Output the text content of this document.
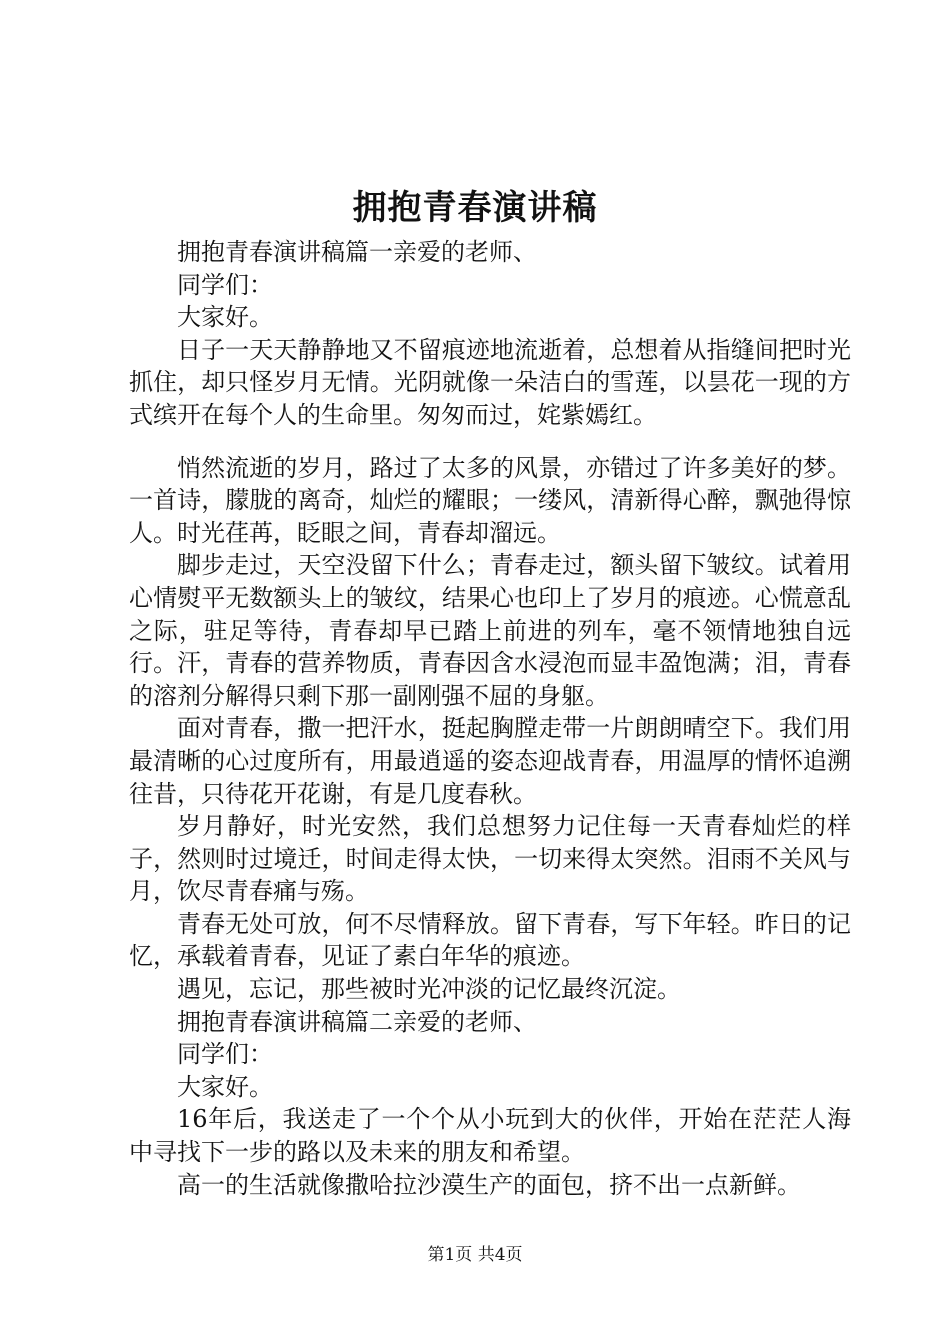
拥抱青春演讲稿

拥抱青春演讲稿篇一亲爱的老师、

同学们：

大家好。

日子一天天静静地又不留痕迹地流逝着，总想着从指缝间把时光抓住，却只怪岁月无情。光阴就像一朵洁白的雪莲，以昙花一现的方式缤开在每个人的生命里。匆匆而过，姹紫嫣红。

悄然流逝的岁月，路过了太多的风景，亦错过了许多美好的梦。一首诗，朦胧的离奇，灿烂的耀眼；一缕风，清新得心醉，飘弛得惊人。时光荏苒，眨眼之间，青春却溜远。

脚步走过，天空没留下什么；青春走过，额头留下皱纹。试着用心情熨平无数额头上的皱纹，结果心也印上了岁月的痕迹。心慌意乱之际，驻足等待，青春却早已踏上前进的列车，毫不领情地独自远行。汗，青春的营养物质，青春因含水浸泡而显丰盈饱满；泪，青春的溶剂分解得只剩下那一副刚强不屈的身躯。

面对青春，撒一把汗水，挺起胸膛走带一片朗朗晴空下。我们用最清晰的心过度所有，用最逍遥的姿态迎战青春，用温厚的情怀追溯往昔，只待花开花谢，有是几度春秋。

岁月静好，时光安然，我们总想努力记住每一天青春灿烂的样子，然则时过境迁，时间走得太快，一切来得太突然。泪雨不关风与月，饮尽青春痛与殇。

青春无处可放，何不尽情释放。留下青春，写下年轻。昨日的记忆，承载着青春，见证了素白年华的痕迹。

遇见，忘记，那些被时光冲淡的记忆最终沉淀。

拥抱青春演讲稿篇二亲爱的老师、

同学们：

大家好。

16年后，我送走了一个个从小玩到大的伙伴，开始在茫茫人海中寻找下一步的路以及未来的朋友和希望。

高一的生活就像撒哈拉沙漠生产的面包，挤不出一点新鲜。

第1页 共4页
